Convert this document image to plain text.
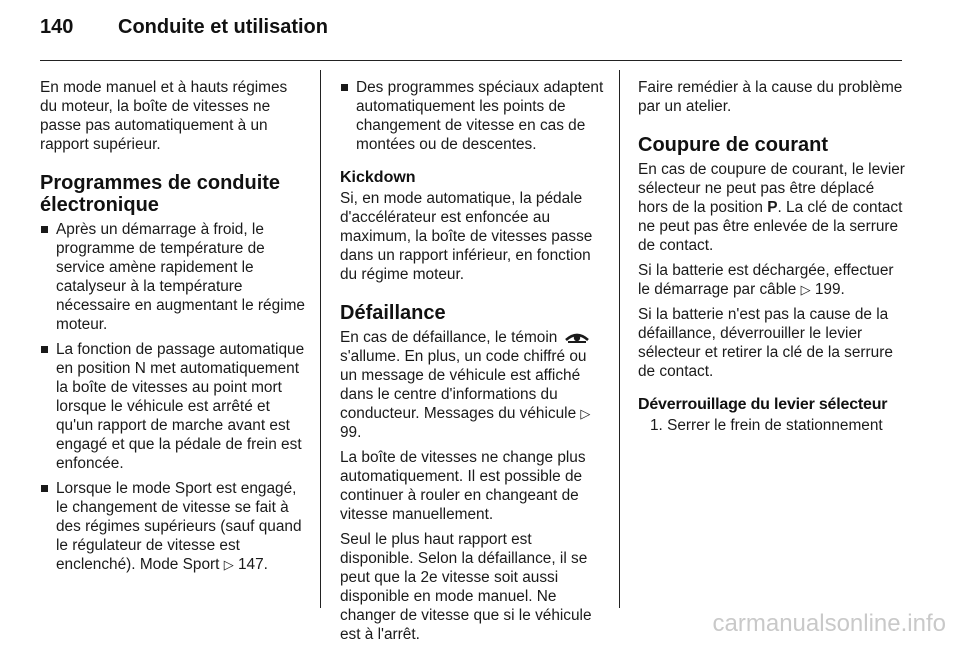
140 Conduite et utilisation

En mode manuel et à hauts régimes du moteur, la boîte de vitesses ne passe pas automatiquement à un rapport supérieur.

Programmes de conduite électronique
Après un démarrage à froid, le programme de température de service amène rapidement le catalyseur à la température nécessaire en augmentant le régime moteur.
La fonction de passage automatique en position N met automatiquement la boîte de vitesses au point mort lorsque le véhicule est arrêté et qu'un rapport de marche avant est engagé et que la pédale de frein est enfoncée.
Lorsque le mode Sport est engagé, le changement de vitesse se fait à des régimes supérieurs (sauf quand le régulateur de vitesse est enclenché). Mode Sport ▷ 147.
Des programmes spéciaux adaptent automatiquement les points de changement de vitesse en cas de montées ou de descentes.
Kickdown

Si, en mode automatique, la pédale d'accélérateur est enfoncée au maximum, la boîte de vitesses passe dans un rapport inférieur, en fonction du régime moteur.

Défaillance

En cas de défaillance, le témoin  s'allume. En plus, un code chiffré ou un message de véhicule est affiché dans le centre d'informations du conducteur. Messages du véhicule ▷ 99.

La boîte de vitesses ne change plus automatiquement. Il est possible de continuer à rouler en changeant de vitesse manuellement.

Seul le plus haut rapport est disponible. Selon la défaillance, il se peut que la 2e vitesse soit aussi disponible en mode manuel. Ne changer de vitesse que si le véhicule est à l'arrêt.

Faire remédier à la cause du problème par un atelier.

Coupure de courant

En cas de coupure de courant, le levier sélecteur ne peut pas être déplacé hors de la position P. La clé de contact ne peut pas être enlevée de la serrure de contact.

Si la batterie est déchargée, effectuer le démarrage par câble ▷ 199.

Si la batterie n'est pas la cause de la défaillance, déverrouiller le levier sélecteur et retirer la clé de la serrure de contact.

Déverrouillage du levier sélecteur

1. Serrer le frein de stationnement

carmanualsonline.info
